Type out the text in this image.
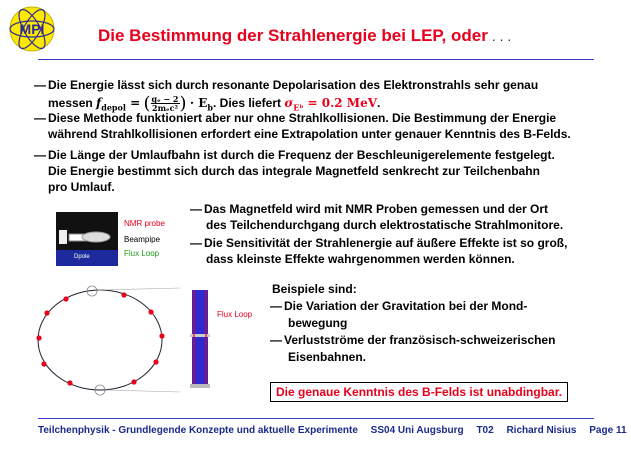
MPI	Die Bestimmung der Strahlenergie bei LEP, oder . . .
— Die Energie lässt sich durch resonante Depolarisation des Elektronstrahls sehr genau
messen $f_{depol}$ = ( $\frac{\text{gₑ − 2}}{\text{2mₑc²}}$ ) · $E_b$. Dies liefert $\sigma_{Eᵇ} = 0.2$ MeV.
— Diese Methode funktioniert aber nur ohne Strahlkollisionen. Die Bestimmung der Energie
während Strahlkollisionen erfordert eine Extrapolation unter genauer Kenntnis des B-Felds.
— Die Länge der Umlaufbahn ist durch die Frequenz der Beschleunigerelemente festgelegt.
Die Energie bestimmt sich durch das integrale Magnetfeld senkrecht zur Teilchenbahn
pro Umlauf.
— Das Magnetfeld wird mit NMR Proben gemessen und der Ort
des Teilchendurchgang durch elektrostatische Strahlmonitore.
— Die Sensitivität der Strahlenergie auf äußere Effekte ist so groß,
dass kleinste Effekte wahrgenommen werden können.
Dpole
NMR probe
Beampipe
Flux Loop
Flux Loop
Beispiele sind:
— Die Variation der Gravitation bei der Mond-
bewegung
— Verlustströme der französisch-schweizerischen
Eisenbahnen.
Die genaue Kenntnis des B-Felds ist unabdingbar.
Teilchenphysik - Grundlegende Konzepte und aktuelle Experimente SS04 Uni Augsburg T02 Richard Nisius Page 11
